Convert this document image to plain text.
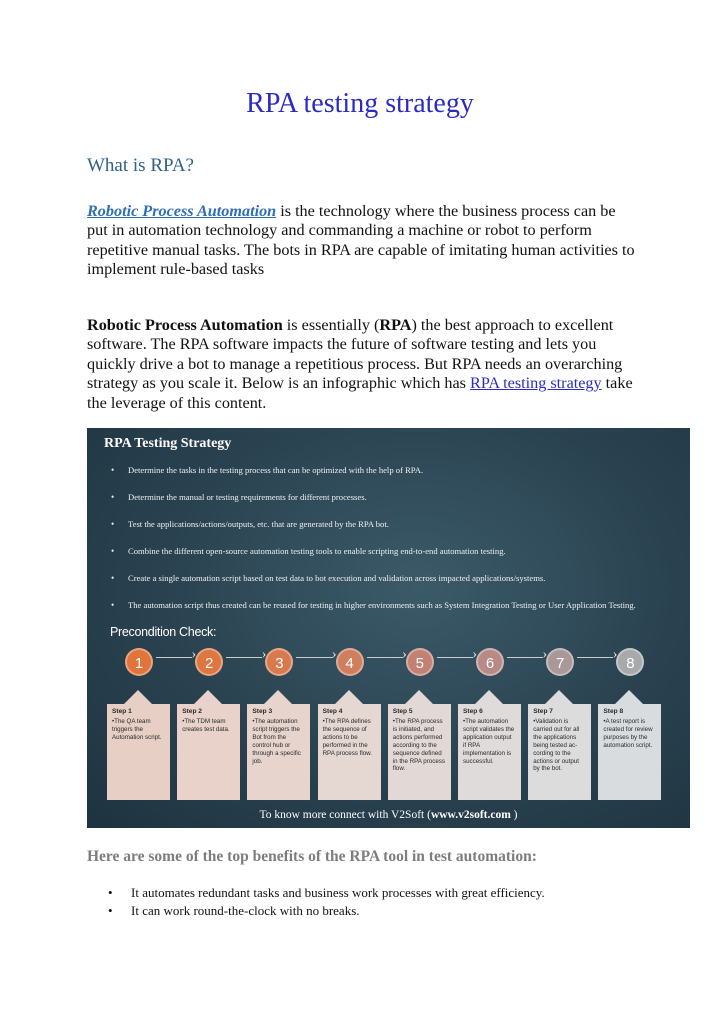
RPA testing strategy
What is RPA?
Robotic Process Automation is the technology where the business process can be put in automation technology and commanding a machine or robot to perform repetitive manual tasks. The bots in RPA are capable of imitating human activities to implement rule-based tasks
Robotic Process Automation is essentially (RPA) the best approach to excellent software. The RPA software impacts the future of software testing and lets you quickly drive a bot to manage a repetitious process. But RPA needs an overarching strategy as you scale it. Below is an infographic which has RPA testing strategy take the leverage of this content.
RPA Testing Strategy
• Determine the tasks in the testing process that can be optimized with the help of RPA.
• Determine the manual or testing requirements for different processes.
• Test the applications/actions/outputs, etc. that are generated by the RPA bot.
• Combine the different open-source automation testing tools to enable scripting end-to-end automation testing.
• Create a single automation script based on test data to bot execution and validation across impacted applications/systems.
• The automation script thus created can be reused for testing in higher environments such as System Integration Testing or User Application Testing.
Precondition Check:
1 ›	2 ›	3 ›	4 ›	5 ›	6 ›	7 ›	8
Step 1
•The QA team triggers the Automation script.
Step 2
•The TDM team creates test data.
Step 3
•The automation script triggers the Bot from the control hub or through a specific job.
Step 4
•The RPA defines the sequence of actions to be performed in the RPA process flow.
Step 5
•The RPA process is initiated, and actions performed according to the sequence defined in the RPA process flow.
Step 6
•The automation script validates the application output if RPA implementation is successful.
Step 7
•Validation is carried out for all the applications being tested ac- cording to the actions or output by the bot.
Step 8
•A test report is created for review purposes by the automation script.
To know more connect with V2Soft (www.v2soft.com )
Here are some of the top benefits of the RPA tool in test automation:
• It automates redundant tasks and business work processes with great efficiency.
• It can work round-the-clock with no breaks.
